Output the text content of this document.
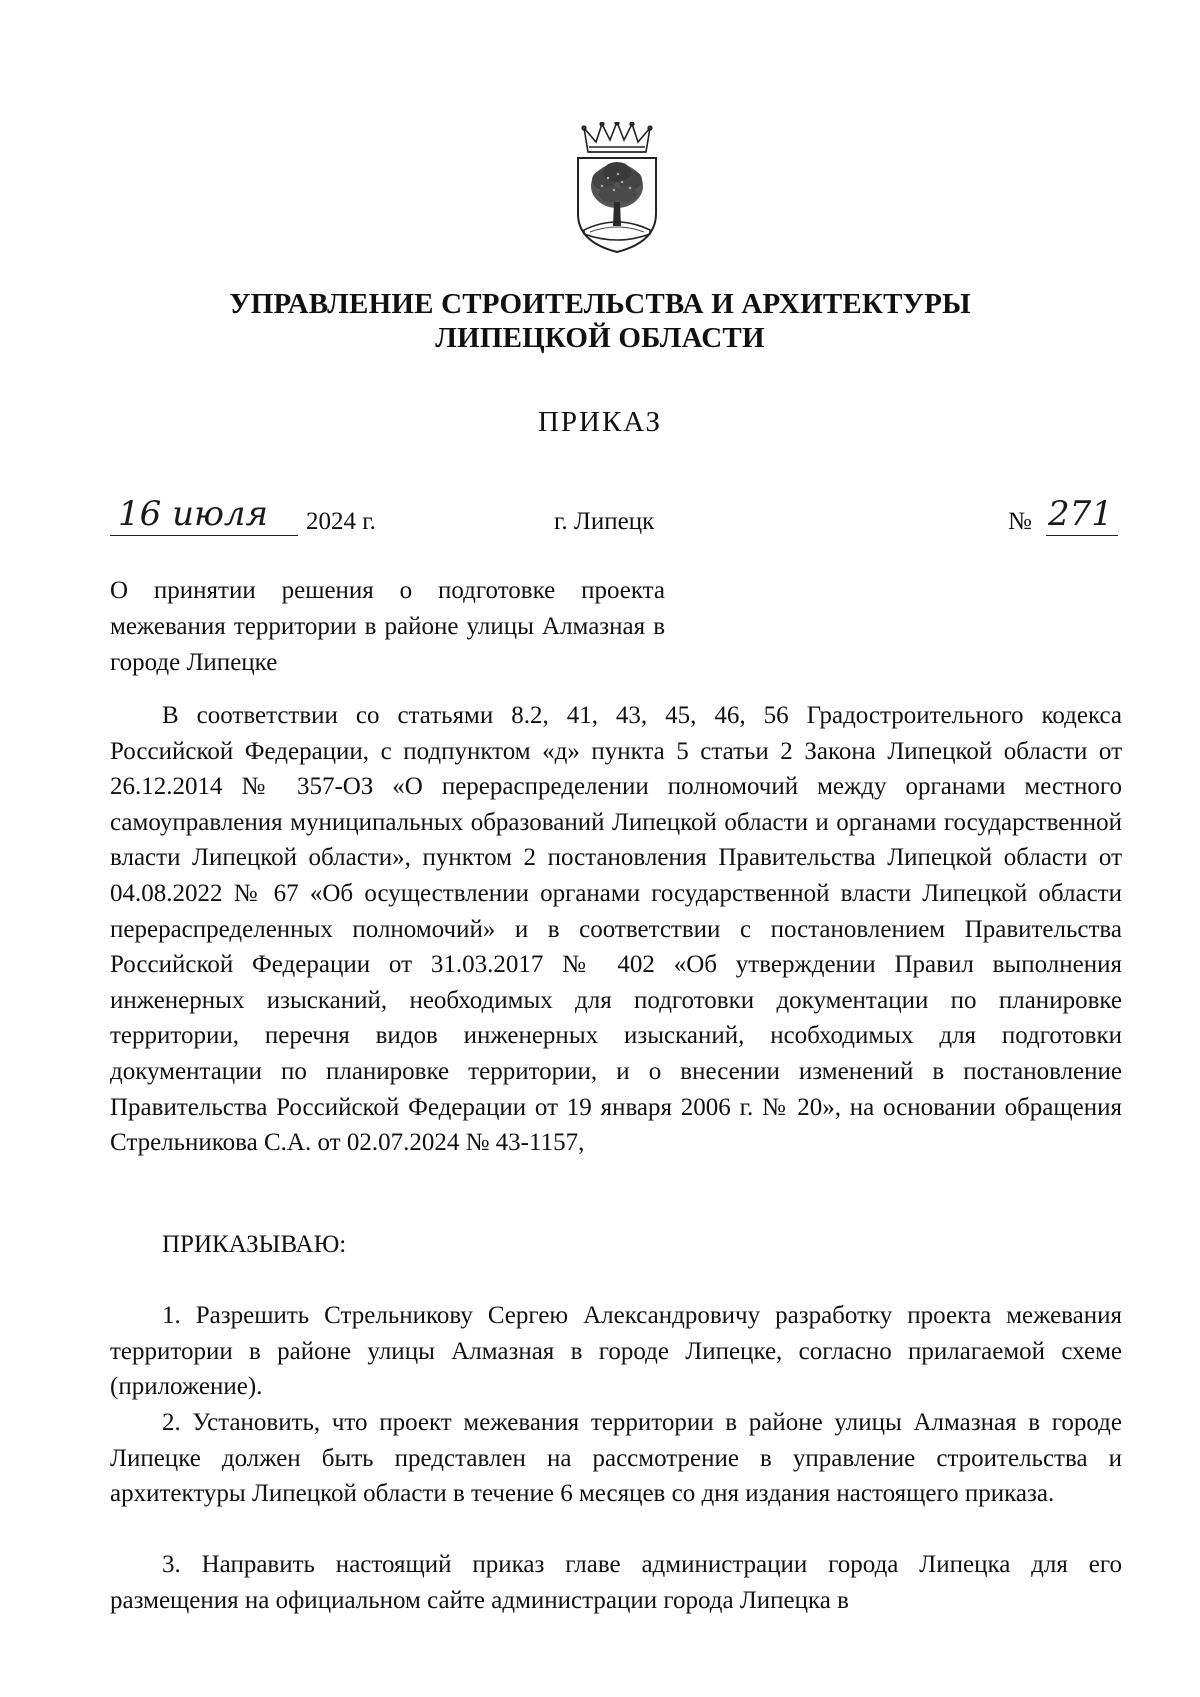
УПРАВЛЕНИЕ СТРОИТЕЛЬСТВА И АРХИТЕКТУРЫ
ЛИПЕЦКОЙ ОБЛАСТИ
ПРИКАЗ
16 июля 2024 г.	г. Липецк	№ 271
О принятии решения о подготовке проекта межевания территории в районе улицы Алмазная в городе Липецке

В соответствии со статьями 8.2, 41, 43, 45, 46, 56 Градостроительного кодекса Российской Федерации, с подпунктом «д» пункта 5 статьи 2 Закона Липецкой области от 26.12.2014 № 357-ОЗ «О перераспределении полномочий между органами местного самоуправления муниципальных образований Липецкой области и органами государственной власти Липецкой области», пунктом 2 постановления Правительства Липецкой области от 04.08.2022 № 67 «Об осуществлении органами государственной власти Липецкой области перераспределенных полномочий» и в соответствии с постановлением Правительства Российской Федерации от 31.03.2017 № 402 «Об утверждении Правил выполнения инженерных изысканий, необходимых для подготовки документации по планировке территории, перечня видов инженерных изысканий, нсобходимых для подготовки документации по планировке территории, и о внесении изменений в постановление Правительства Российской Федерации от 19 января 2006 г. № 20», на основании обращения Стрельникова С.А. от 02.07.2024 № 43-1157,

ПРИКАЗЫВАЮ:

1. Разрешить Стрельникову Сергею Александровичу разработку проекта межевания территории в районе улицы Алмазная в городе Липецке, согласно прилагаемой схеме (приложение).

2. Установить, что проект межевания территории в районе улицы Алмазная в городе Липецке должен быть представлен на рассмотрение в управление строительства и архитектуры Липецкой области в течение 6 месяцев со дня издания настоящего приказа.

3. Направить настоящий приказ главе администрации города Липецка для его размещения на официальном сайте администрации города Липецка в
